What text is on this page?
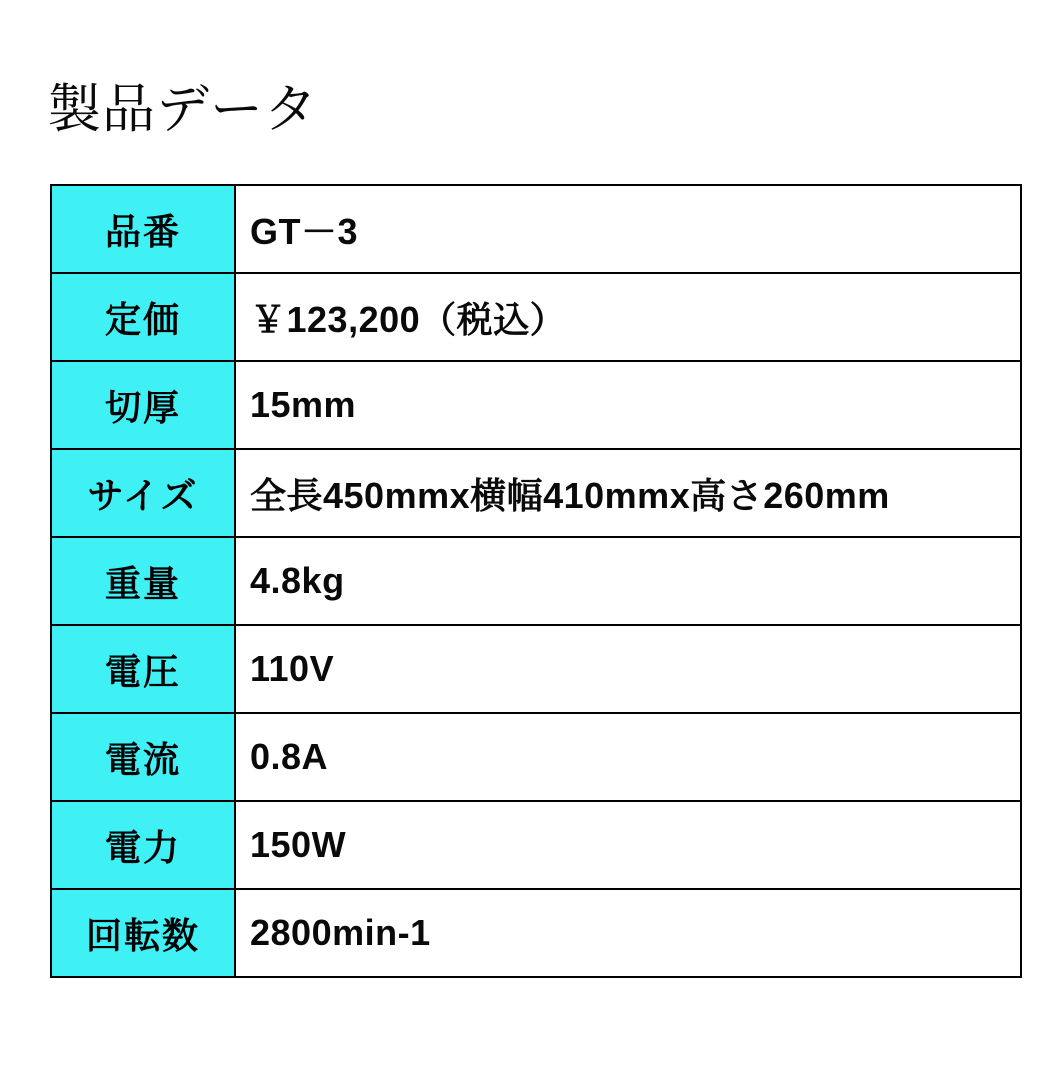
製品データ
品番	GT－3

定価	￥123,200（税込）

切厚	15mm

サイズ	全長450mmx横幅410mmx高さ260mm

重量	4.8kg

電圧	110V

電流	0.8A

電力	150W

回転数	2800min-1
